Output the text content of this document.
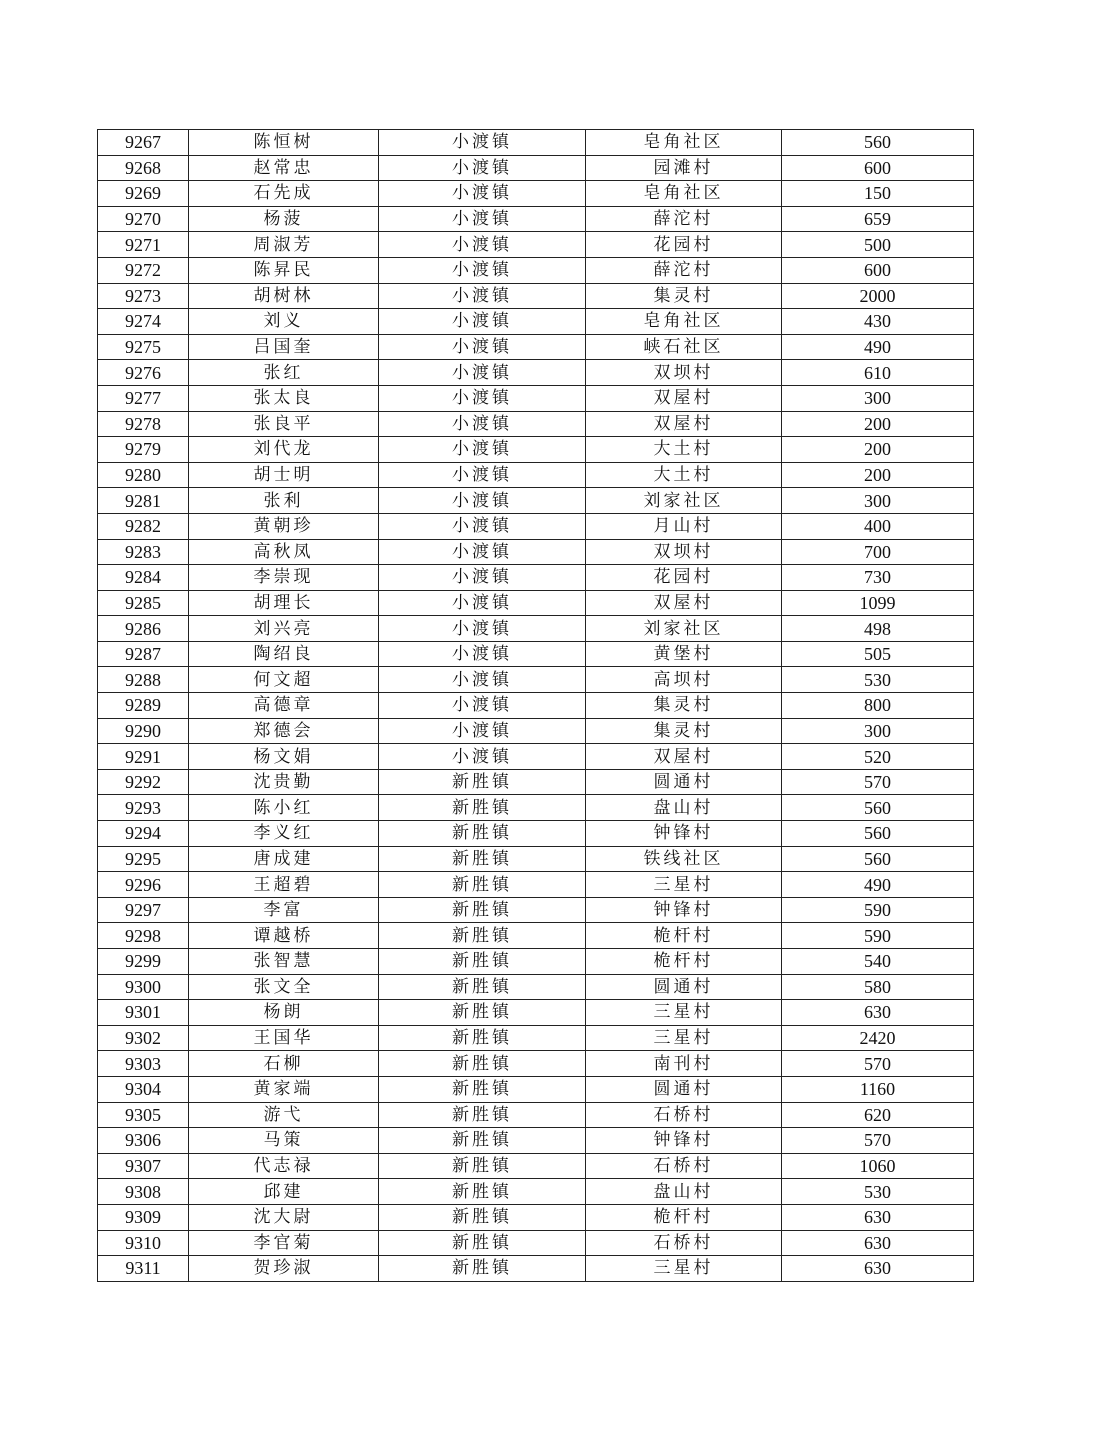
9267	陈恒树	小渡镇	皂角社区	560
9268	赵常忠	小渡镇	园滩村	600
9269	石先成	小渡镇	皂角社区	150
9270	杨菠	小渡镇	薛沱村	659
9271	周淑芳	小渡镇	花园村	500
9272	陈昇民	小渡镇	薛沱村	600
9273	胡树林	小渡镇	集灵村	2000
9274	刘义	小渡镇	皂角社区	430
9275	吕国奎	小渡镇	峡石社区	490
9276	张红	小渡镇	双坝村	610
9277	张太良	小渡镇	双屋村	300
9278	张良平	小渡镇	双屋村	200
9279	刘代龙	小渡镇	大土村	200
9280	胡士明	小渡镇	大土村	200
9281	张利	小渡镇	刘家社区	300
9282	黄朝珍	小渡镇	月山村	400
9283	高秋凤	小渡镇	双坝村	700
9284	李崇现	小渡镇	花园村	730
9285	胡理长	小渡镇	双屋村	1099
9286	刘兴亮	小渡镇	刘家社区	498
9287	陶绍良	小渡镇	黄堡村	505
9288	何文超	小渡镇	高坝村	530
9289	高德章	小渡镇	集灵村	800
9290	郑德会	小渡镇	集灵村	300
9291	杨文娟	小渡镇	双屋村	520
9292	沈贵勤	新胜镇	圆通村	570
9293	陈小红	新胜镇	盘山村	560
9294	李义红	新胜镇	钟锋村	560
9295	唐成建	新胜镇	铁线社区	560
9296	王超碧	新胜镇	三星村	490
9297	李富	新胜镇	钟锋村	590
9298	谭越桥	新胜镇	桅杆村	590
9299	张智慧	新胜镇	桅杆村	540
9300	张文全	新胜镇	圆通村	580
9301	杨朗	新胜镇	三星村	630
9302	王国华	新胜镇	三星村	2420
9303	石柳	新胜镇	南刊村	570
9304	黄家端	新胜镇	圆通村	1160
9305	游弋	新胜镇	石桥村	620
9306	马策	新胜镇	钟锋村	570
9307	代志禄	新胜镇	石桥村	1060
9308	邱建	新胜镇	盘山村	530
9309	沈大尉	新胜镇	桅杆村	630
9310	李官菊	新胜镇	石桥村	630
9311	贺珍淑	新胜镇	三星村	630
